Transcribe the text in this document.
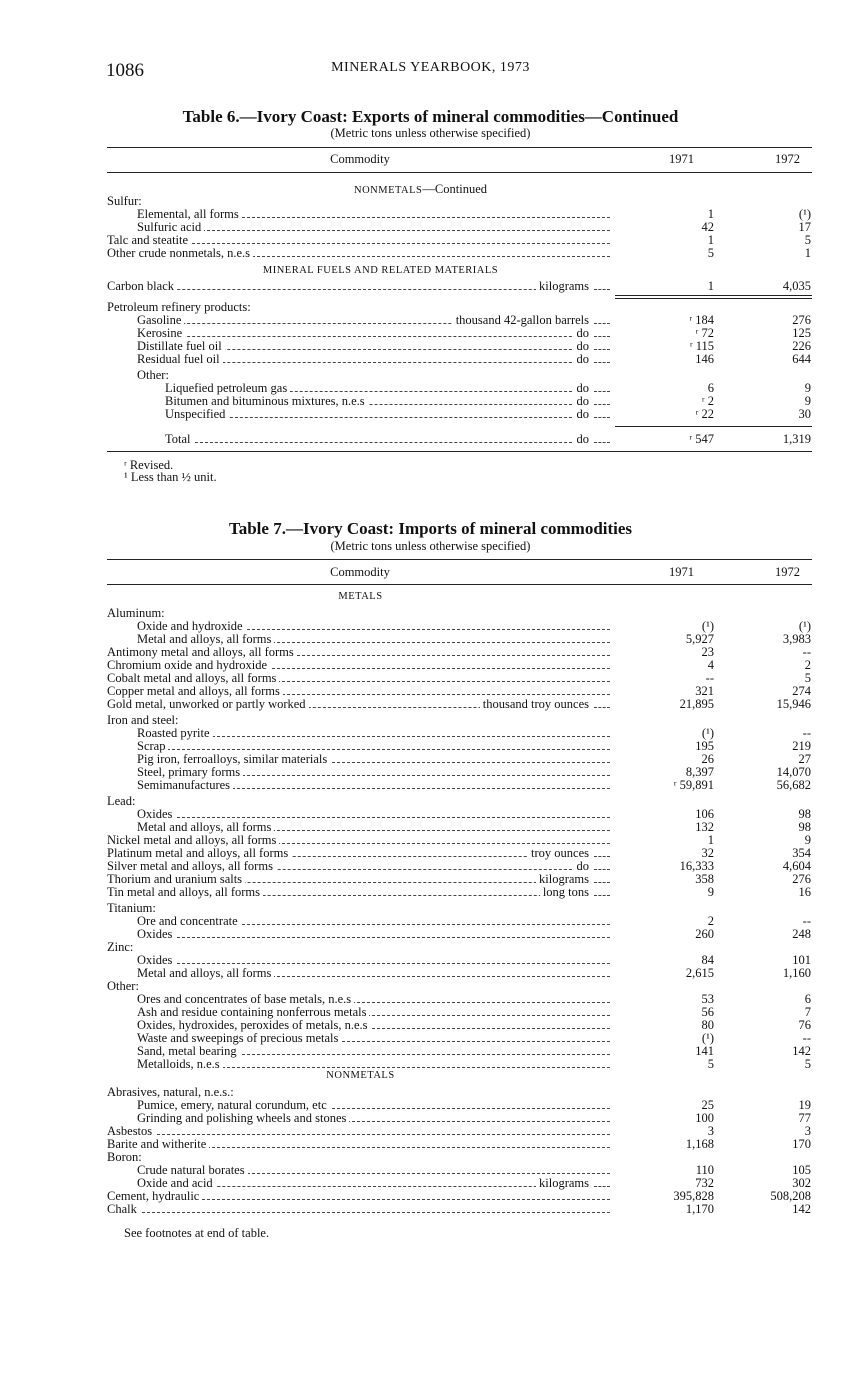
1086	MINERALS YEARBOOK, 1973
Table 6.—Ivory Coast: Exports of mineral commodities—Continued
(Metric tons unless otherwise specified)
Commodity	1971	1972
NONMETALS—Continued
MINERAL FUELS AND RELATED MATERIALS
Sulfur:
Elemental, all forms	1	(¹)
Sulfuric acid	42	17
Talc and steatite	1	5
Other crude nonmetals, n.e.s	5	1
Carbon black	kilograms	1	4,035
Petroleum refinery products:
Gasoline	thousand 42-gallon barrels	ʳ 184	276
Kerosine	do	ʳ 72	125
Distillate fuel oil	do	ʳ 115	226
Residual fuel oil	do	146	644
Other:
Liquefied petroleum gas	do	6	9
Bitumen and bituminous mixtures, n.e.s	do	ʳ 2	9
Unspecified	do	ʳ 22	30
Total	do	ʳ 547	1,319
ʳ Revised.
¹ Less than ½ unit.
Table 7.—Ivory Coast: Imports of mineral commodities
(Metric tons unless otherwise specified)
Commodity	1971	1972
METALS
NONMETALS
Aluminum:
Oxide and hydroxide	(¹)	(¹)
Metal and alloys, all forms	5,927	3,983
Antimony metal and alloys, all forms	23	--
Chromium oxide and hydroxide	4	2
Cobalt metal and alloys, all forms	--	5
Copper metal and alloys, all forms	321	274
Gold metal, unworked or partly worked	thousand troy ounces	21,895	15,946
Iron and steel:
Roasted pyrite	(¹)	--
Scrap	195	219
Pig iron, ferroalloys, similar materials	26	27
Steel, primary forms	8,397	14,070
Semimanufactures	ʳ 59,891	56,682
Lead:
Oxides	106	98
Metal and alloys, all forms	132	98
Nickel metal and alloys, all forms	1	9
Platinum metal and alloys, all forms	troy ounces	32	354
Silver metal and alloys, all forms	do	16,333	4,604
Thorium and uranium salts	kilograms	358	276
Tin metal and alloys, all forms	long tons	9	16
Titanium:
Ore and concentrate	2	--
Oxides	260	248
Zinc:
Oxides	84	101
Metal and alloys, all forms	2,615	1,160
Other:
Ores and concentrates of base metals, n.e.s	53	6
Ash and residue containing nonferrous metals	56	7
Oxides, hydroxides, peroxides of metals, n.e.s	80	76
Waste and sweepings of precious metals	(¹)	--
Sand, metal bearing	141	142
Metalloids, n.e.s	5	5
Abrasives, natural, n.e.s.:
Pumice, emery, natural corundum, etc	25	19
Grinding and polishing wheels and stones	100	77
Asbestos	3	3
Barite and witherite	1,168	170
Boron:
Crude natural borates	110	105
Oxide and acid	kilograms	732	302
Cement, hydraulic	395,828	508,208
Chalk	1,170	142
See footnotes at end of table.
